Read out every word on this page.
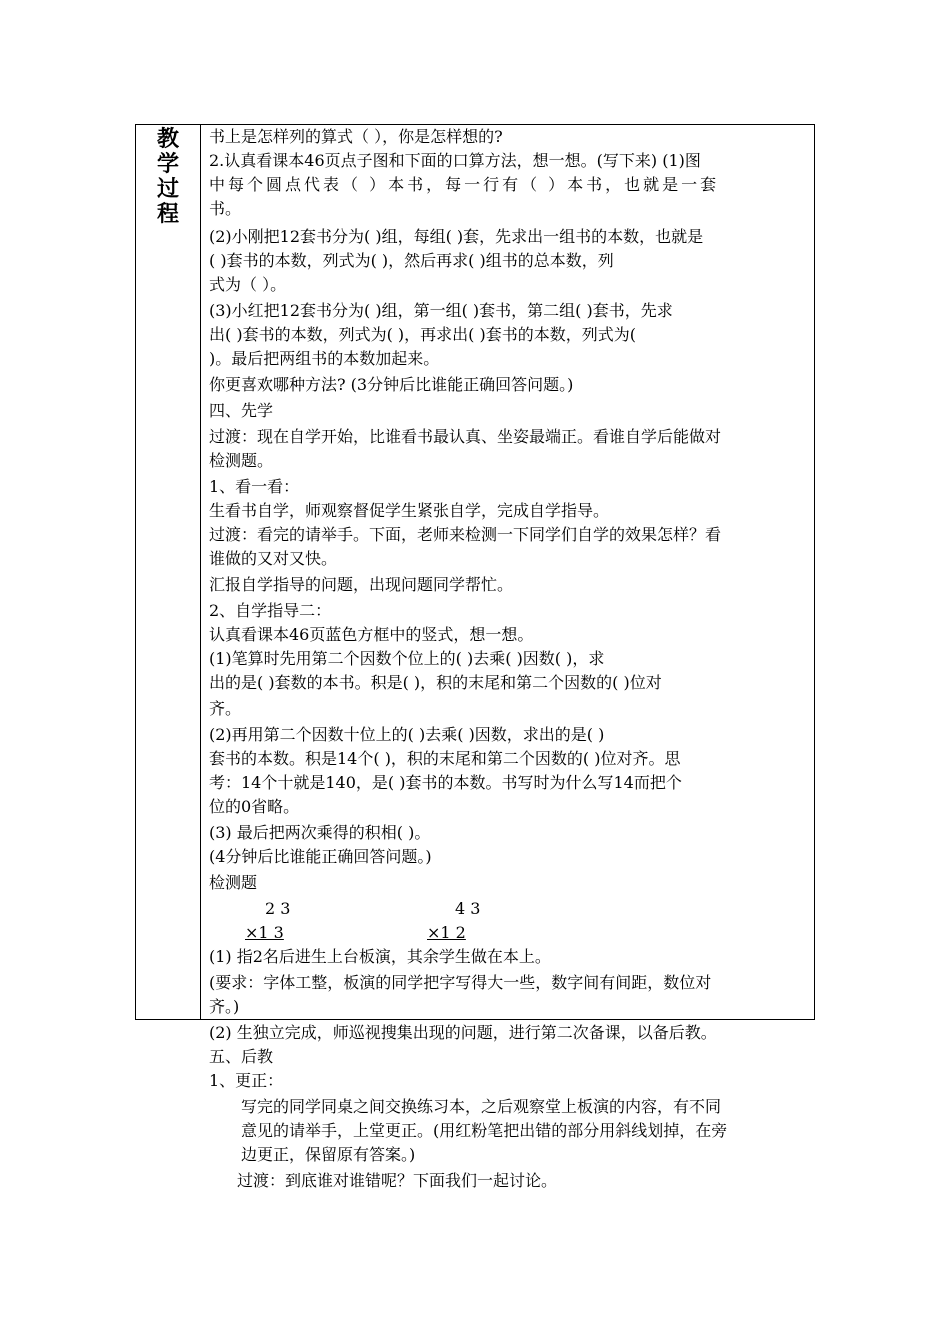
教
学
过
程
书上是怎样列的算式（ ），你是怎样想的?
2.认真看课本46页点子图和下面的口算方法，想一想。(写下来) (1)图
中每个圆点代表（ ）本书，每一行有（ ）本书，也就是一套
书。
(2)小刚把12套书分为( )组，每组( )套，先求出一组书的本数，也就是
( )套书的本数，列式为( )，然后再求( )组书的总本数，列
式为（ ）。
(3)小红把12套书分为( )组，第一组( )套书，第二组( )套书，先求
出( )套书的本数，列式为( )，再求出( )套书的本数，列式为(
)。最后把两组书的本数加起来。
你更喜欢哪种方法? (3分钟后比谁能正确回答问题。)
四、先学
过渡：现在自学开始，比谁看书最认真、坐姿最端正。看谁自学后能做对
检测题。
1、看一看：
生看书自学，师观察督促学生紧张自学，完成自学指导。
过渡：看完的请举手。下面，老师来检测一下同学们自学的效果怎样？看
谁做的又对又快。
汇报自学指导的问题，出现问题同学帮忙。
2、自学指导二：
认真看课本46页蓝色方框中的竖式，想一想。
(1)笔算时先用第二个因数个位上的( )去乘( )因数( )，求
出的是( )套数的本书。积是( )，积的末尾和第二个因数的( )位对
齐。
(2)再用第二个因数十位上的( )去乘( )因数，求出的是( )
套书的本数。积是14个( )，积的末尾和第二个因数的( )位对齐。思
考：14个十就是140，是( )套书的本数。书写时为什么写14而把个
位的0省略。
(3) 最后把两次乘得的积相( )。
(4分钟后比谁能正确回答问题。)
检测题
2 3
×1 3
4 3
×1 2
(1) 指2名后进生上台板演，其余学生做在本上。
(要求：字体工整，板演的同学把字写得大一些，数字间有间距，数位对
齐。)
(2) 生独立完成，师巡视搜集出现的问题，进行第二次备课，以备后教。
五、后教
1、更正：
写完的同学同桌之间交换练习本，之后观察堂上板演的内容，有不同
意见的请举手，上堂更正。(用红粉笔把出错的部分用斜线划掉，在旁
边更正，保留原有答案。)
过渡：到底谁对谁错呢？下面我们一起讨论。
